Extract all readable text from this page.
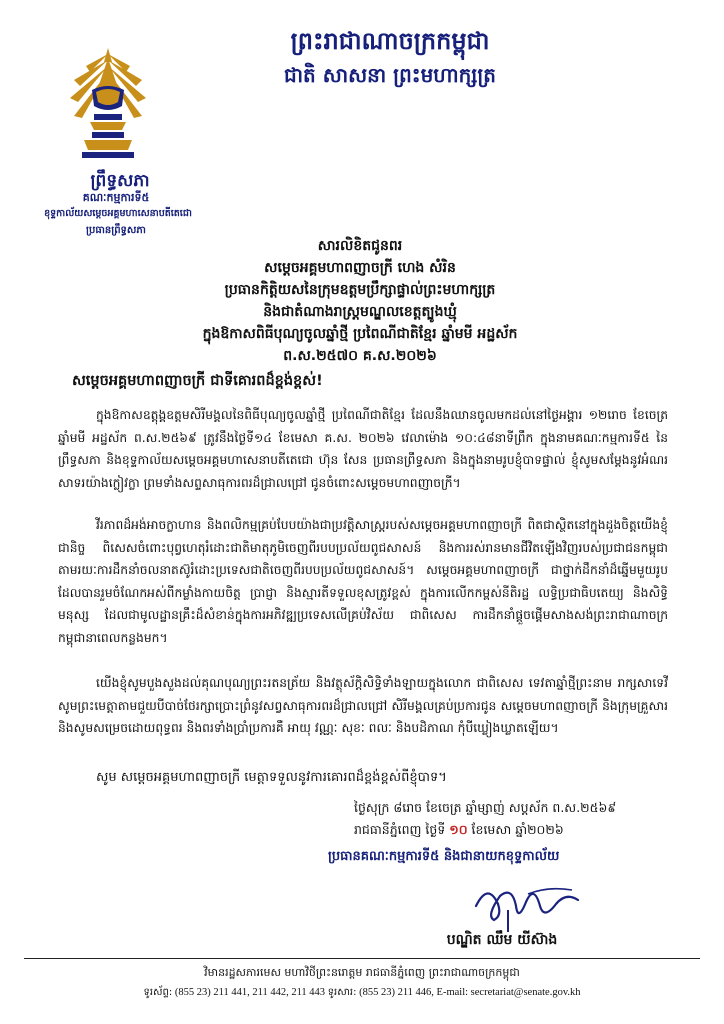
ព្រះរាជាណាចក្រកម្ពុជា
ជាតិ សាសនា ព្រះមហាក្សត្រ
ព្រឹទ្ធសភា
គណៈកម្មការទី៥
ខុទ្ទកាល័យសម្ដេចអគ្គមហាសេនាបតីតេជោ
ប្រធានព្រឹទ្ធសភា
សារលិខិតជូនពរ
សម្ដេចអគ្គមហាពញាចក្រី ហេង សំរិន
ប្រធានកិត្តិយសនៃក្រុមឧត្តមប្រឹក្សាផ្ទាល់ព្រះមហាក្សត្រ
និងជាតំណាងរាស្ត្រមណ្ឌលខេត្តត្បូងឃ្មុំ
ក្នុងឱកាសពិធីបុណ្យចូលឆ្នាំថ្មី ប្រពៃណីជាតិខ្មែរ ឆ្នាំមមី អដ្ឋស័ក
ព.ស.២៥៧០ គ.ស.២០២៦
សម្ដេចអគ្គមហាពញាចក្រី ជាទីគោរពដ៏ខ្ពង់ខ្ពស់!
ក្នុងឱកាសឧត្តុង្គឧត្តមសិរីមង្គលនៃពិធីបុណ្យចូលឆ្នាំថ្មី ប្រពៃណីជាតិខ្មែរ ដែលនឹងឈានចូលមកដល់នៅថ្ងៃអង្គារ ១២រោច ខែចេត្រ ឆ្នាំមមី អដ្ឋស័ក ព.ស.២៥៦៩ ត្រូវនឹងថ្ងៃទី១៤ ខែមេសា គ.ស. ២០២៦ វេលាម៉ោង ១០:៤៨នាទីព្រឹក ក្នុងនាមគណៈកម្មការទី៥ នៃព្រឹទ្ធសភា និងខុទ្ទកាល័យសម្ដេចអគ្គមហាសេនាបតីតេជោ ហ៊ុន សែន ប្រធានព្រឹទ្ធសភា និងក្នុងនាមរូបខ្ញុំបាទផ្ទាល់ ខ្ញុំសូមសម្ដែងនូវអំណរសាទរយ៉ាងក្លៀវក្លា ព្រមទាំងសព្ទសាធុការពរដ៏ជ្រាលជ្រៅ ជូនចំពោះសម្ដេចមហាពញាចក្រី។
វីរភាពដ៏អង់អាចក្លាហាន និងពលិកម្មគ្រប់បែបយ៉ាងជាប្រវត្តិសាស្ត្ររបស់សម្ដេចអគ្គមហាពញាចក្រី ពិតជាស្ថិតនៅក្នុងដួងចិត្តយើងខ្ញុំជានិច្ច ពិសេសចំពោះបុព្វហេតុរំដោះជាតិមាតុភូមិចេញពីរបបប្រល័យពូជសាសន៍ និងការរស់រានមានជីវិតឡើងវិញរបស់ប្រជាជនកម្ពុជា តាមរយៈការដឹកនាំចលនាតស៊ូរំដោះប្រទេសជាតិចេញពីរបបប្រល័យពូជសាសន៍។ សម្ដេចអគ្គមហាពញាចក្រី ជាថ្នាក់ដឹកនាំដ៏ឆ្នើមមួយរូប ដែលបានរួមចំណែកអស់ពីកម្លាំងកាយចិត្ត ប្រាជ្ញា និងស្មារតីទទួលខុសត្រូវខ្ពស់ ក្នុងការលើកកម្ពស់នីតិរដ្ឋ លទ្ធិប្រជាធិបតេយ្យ និងសិទ្ធិមនុស្ស ដែលជាមូលដ្ឋានគ្រឹះដ៏សំខាន់ក្នុងការអភិវឌ្ឍប្រទេសលើគ្រប់វិស័យ ជាពិសេស ការដឹកនាំផ្ដួចផ្ដើមសាងសង់ព្រះរាជាណាចក្រកម្ពុជានាពេលកន្លងមក។
យើងខ្ញុំសូមបួងសួងដល់គុណបុណ្យព្រះរតនត្រ័យ និងវត្ថុស័ក្ដិសិទ្ធិទាំងឡាយក្នុងលោក ជាពិសេស ទេវតាឆ្នាំថ្មីព្រះនាម រាក្សសាទេវី សូមព្រះមេត្តាតាមជួយបីបាច់ថែរក្សាប្រោះព្រំនូវសព្វសាធុការពរដ៏ជ្រាលជ្រៅ សិរីមង្គលគ្រប់ប្រការជូន សម្ដេចមហាពញាចក្រី និងក្រុមគ្រួសារ និងសូមសម្រេចដោយពុទ្ធពរ និងពរទាំងប្រាំប្រការគឺ អាយុ វណ្ណៈ សុខៈ ពលៈ និងបដិភាណ កុំបីឃ្លៀងឃ្លាតឡើយ។
សូម សម្ដេចអគ្គមហាពញាចក្រី មេត្តាទទួលនូវការគោរពដ៏ខ្ពង់ខ្ពស់ពីខ្ញុំបាទ។
ថ្ងៃសុក្រ ៨រោច ខែចេត្រ ឆ្នាំម្សាញ់ សប្តស័ក ព.ស.២៥៦៩
រាជធានីភ្នំពេញ ថ្ងៃទី ១០ ខែមេសា ឆ្នាំ២០២៦
ប្រធានគណៈកម្មការទី៥ និងជានាយកខុទ្ទកាល័យ
បណ្ឌិត ឈឹម យីស៊ាង
វិមានរដ្ឋសភារមេស មហាវិថីព្រះនរោត្តម រាជធានីភ្នំពេញ ព្រះរាជាណាចក្រកម្ពុជា
ទូរស័ព្ទ: (855 23) 211 441, 211 442, 211 443 ទូរសារ: (855 23) 211 446, E-mail: secretariat@senate.gov.kh
